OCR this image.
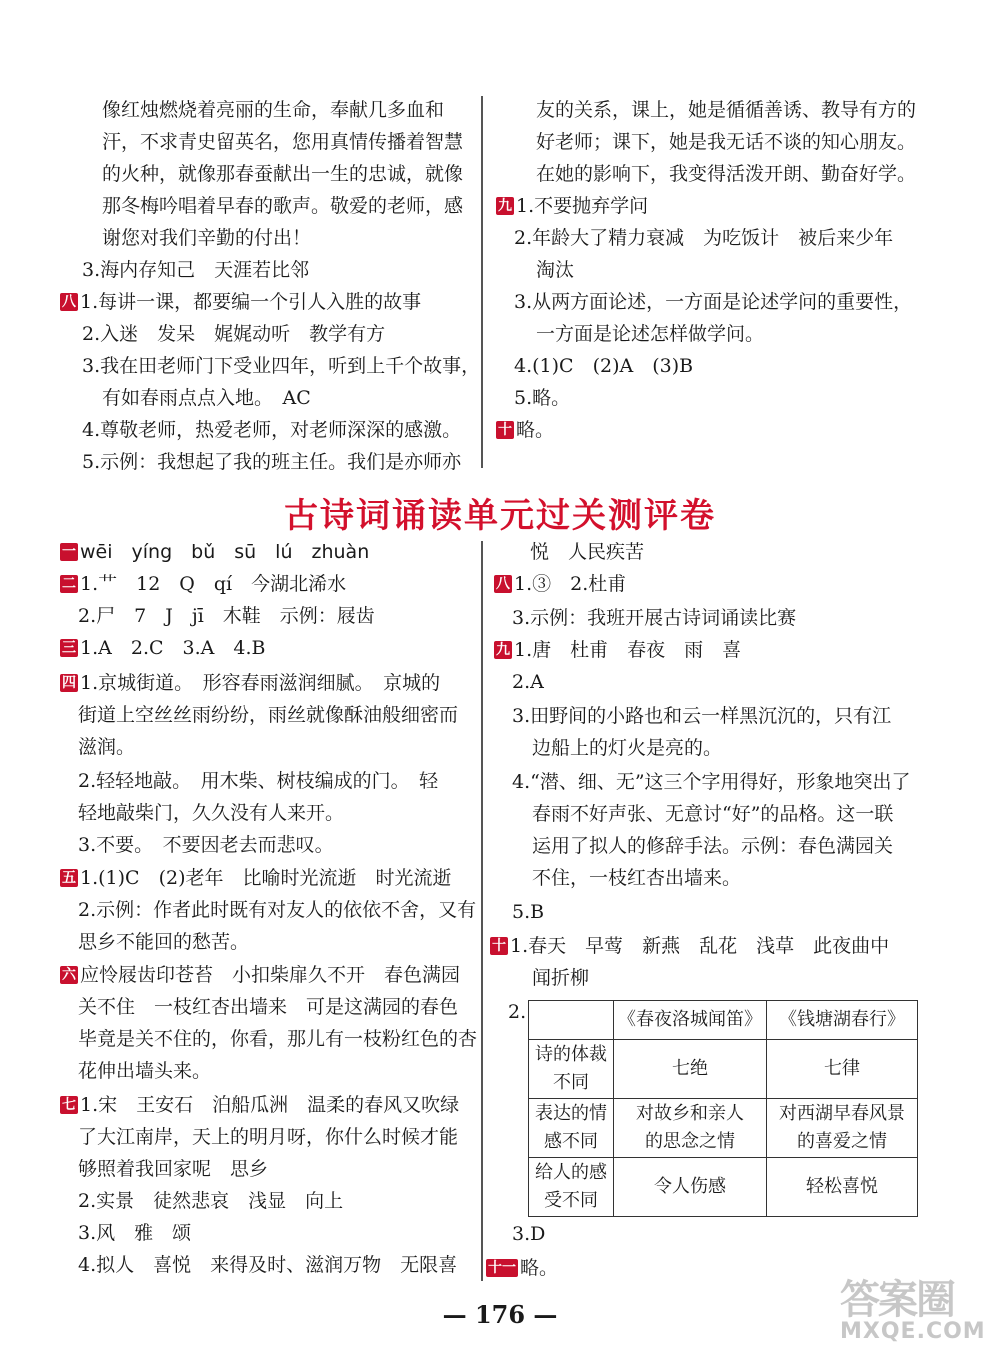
像红烛燃烧着亮丽的生命，奉献几多血和
汗，不求青史留英名，您用真情传播着智慧
的火种，就像那春蚕献出一生的忠诚，就像
那冬梅吟唱着早春的歌声。敬爱的老师，感
谢您对我们辛勤的付出！
3.海内存知己　天涯若比邻
八 1.每讲一课，都要编一个引人入胜的故事
2.入迷　发呆　娓娓动听　教学有方
3.我在田老师门下受业四年，听到上千个故事，
有如春雨点点入地。　AC
4.尊敬老师，热爱老师，对老师深深的感激。
5.示例：我想起了我的班主任。我们是亦师亦
友的关系，课上，她是循循善诱、教导有方的
好老师；课下，她是我无话不谈的知心朋友。
在她的影响下，我变得活泼开朗、勤奋好学。
九 1.不要抛弃学问
2.年龄大了精力衰减　为吃饭计　被后来少年
淘汰
3.从两方面论述，一方面是论述学问的重要性，
一方面是论述怎样做学问。
4.(1)C　(2)A　(3)B
5.略。
十 略。
古诗词诵读单元过关测评卷
一 wēi　yíng　bǔ　sū　lú　zhuàn
二 1.艹　12　Q　qí　今湖北浠水
2.尸　7　J　jī　木鞋　示例：屐齿
三 1.A　2.C　3.A　4.B
四 1.京城街道。　形容春雨滋润细腻。　京城的
街道上空丝丝雨纷纷，雨丝就像酥油般细密而
滋润。
2.轻轻地敲。　用木柴、树枝编成的门。　轻
轻地敲柴门，久久没有人来开。
3.不要。　不要因老去而悲叹。
五 1.(1)C　(2)老年　比喻时光流逝　时光流逝
2.示例：作者此时既有对友人的依依不舍，又有
思乡不能回的愁苦。
六 应怜屐齿印苍苔　小扣柴扉久不开　春色满园
关不住　一枝红杏出墙来　可是这满园的春色
毕竟是关不住的，你看，那儿有一枝粉红色的杏
花伸出墙头来。
七 1.宋　王安石　泊船瓜洲　温柔的春风又吹绿
了大江南岸，天上的明月呀，你什么时候才能
够照着我回家呢　思乡
2.实景　徒然悲哀　浅显　向上
3.风　雅　颂
4.拟人　喜悦　来得及时、滋润万物　无限喜
悦　人民疾苦
八 1.③　2.杜甫
3.示例：我班开展古诗词诵读比赛
九 1.唐　杜甫　春夜　雨　喜
2.A
3.田野间的小路也和云一样黑沉沉的，只有江
边船上的灯火是亮的。
4.“潜、细、无”这三个字用得好，形象地突出了
春雨不好声张、无意讨“好”的品格。这一联
运用了拟人的修辞手法。示例：春色满园关
不住，一枝红杏出墙来。
5.B
十 1.春天　早莺　新燕　乱花　浅草　此夜曲中
闻折柳
2.
3.D
十一 略。
	《春夜洛城闻笛》	《钱塘湖春行》
诗的体裁不同	七绝	七律
表达的情感不同	对故乡和亲人的思念之情	对西湖早春风景的喜爱之情
给人的感受不同	令人伤感	轻松喜悦
— 176 —	答案圈
MXQE.COM
